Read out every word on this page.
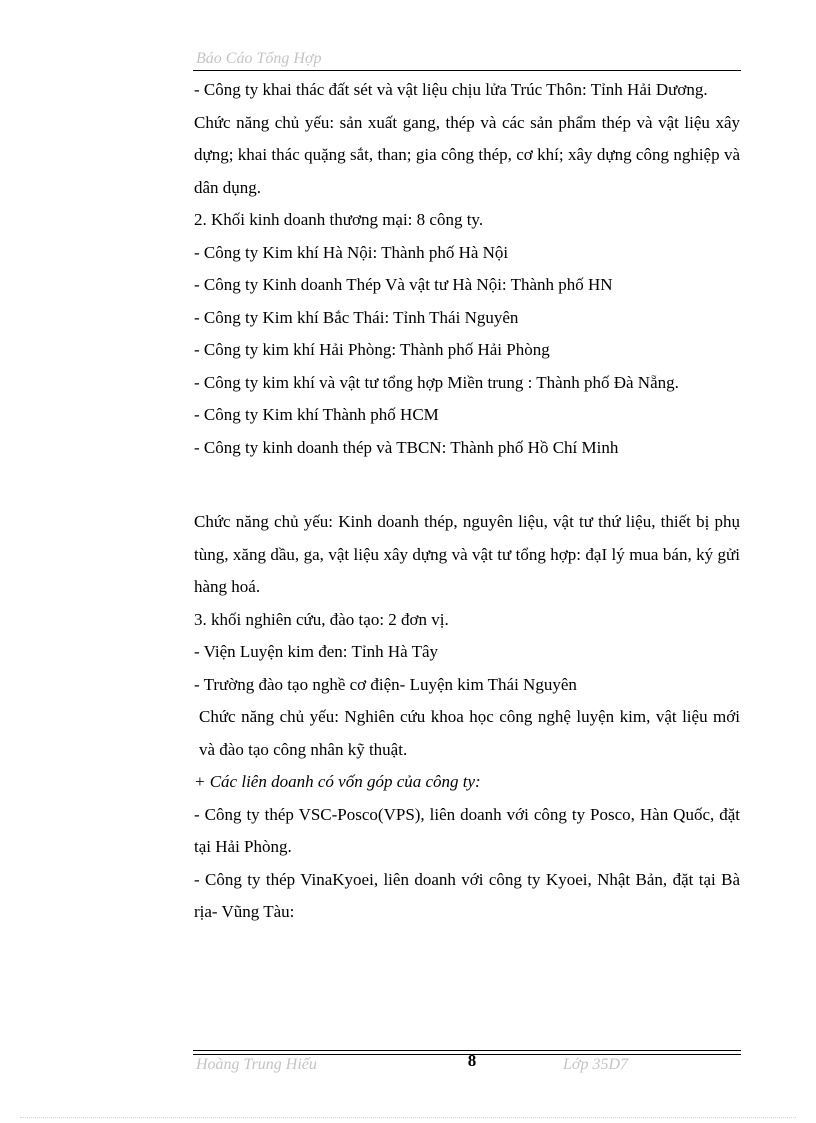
Báo Cáo Tổng Hợp

- Công ty khai thác đất sét và vật liệu chịu lửa Trúc Thôn: Tỉnh Hải Dương.

Chức năng chủ yếu: sản xuất gang, thép và các sản phẩm thép và vật liệu xây dựng; khai thác quặng sắt, than; gia công thép, cơ khí; xây dựng công nghiệp và dân dụng.

2. Khối kinh doanh thương mại: 8 công ty.

- Công ty Kim khí Hà Nội: Thành phố Hà Nội

- Công ty Kinh doanh Thép Và vật tư Hà Nội: Thành phố HN

- Công ty Kim khí Bắc Thái: Tỉnh Thái Nguyên

- Công ty kim khí Hải Phòng: Thành phố Hải Phòng

- Công ty kim khí và vật tư tổng hợp Miền trung : Thành phố Đà Nẵng.

- Công ty Kim khí Thành phố HCM

- Công ty kinh doanh thép và TBCN: Thành phố Hồ Chí Minh

Chức năng chủ yếu: Kinh doanh thép, nguyên liệu, vật tư thứ liệu, thiết bị phụ tùng, xăng dầu, ga, vật liệu xây dựng và vật tư tổng hợp: đạI lý mua bán, ký gửi hàng hoá.

3. khối nghiên cứu, đào tạo: 2 đơn vị.

- Viện Luyện kim đen: Tỉnh Hà Tây

- Trường đào tạo nghề cơ điện- Luyện kim Thái Nguyên

Chức năng chủ yếu: Nghiên cứu khoa học công nghệ luyện kim, vật liệu mới và đào tạo công nhân kỹ thuật.

+ Các liên doanh có vốn góp của công ty:

- Công ty thép VSC-Posco(VPS), liên doanh với công ty Posco, Hàn Quốc, đặt tại Hải Phòng.

- Công ty thép VinaKyoei, liên doanh với công ty Kyoei, Nhật Bản, đặt tại Bà rịa- Vũng Tàu:

Hoàng Trung Hiếu	8	Lớp 35D7
